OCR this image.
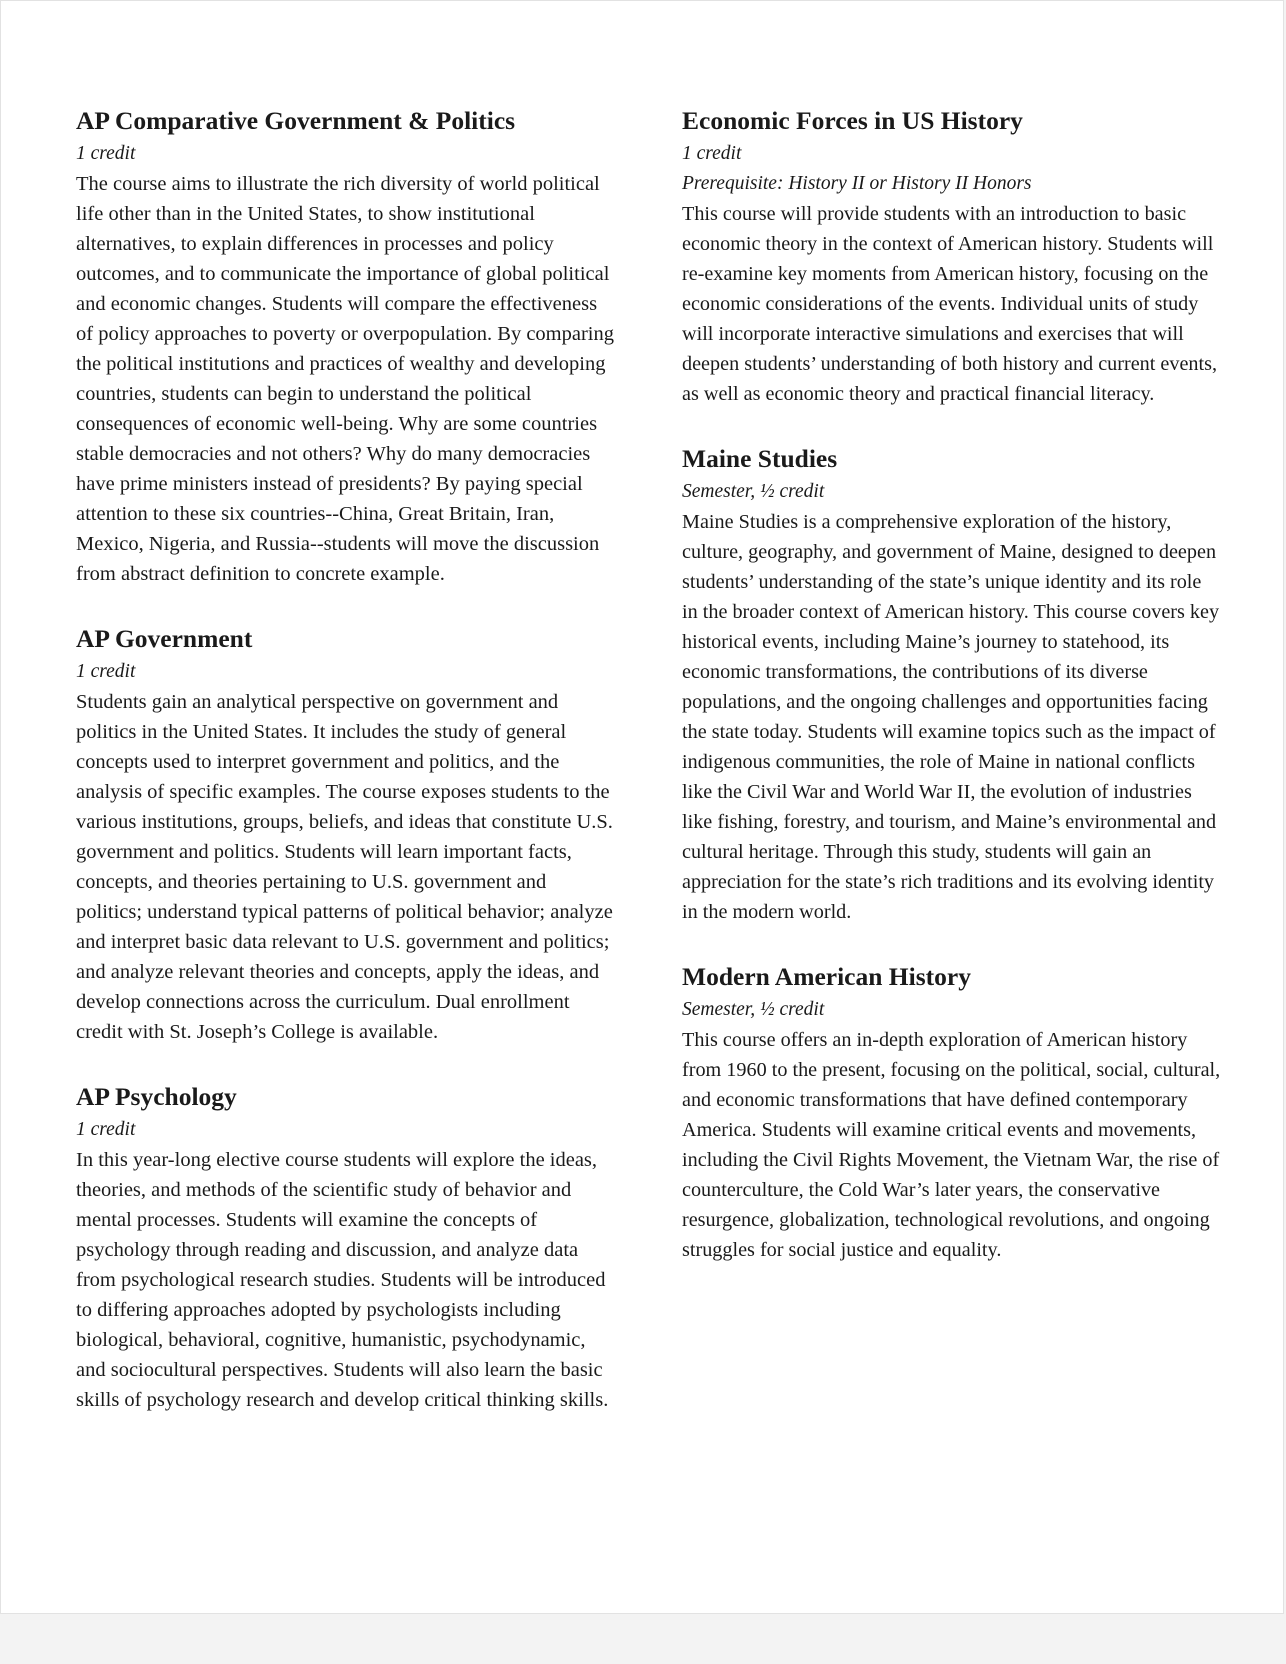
AP Comparative Government & Politics

1 credit

The course aims to illustrate the rich diversity of world political life other than in the United States, to show institutional alternatives, to explain differences in processes and policy outcomes, and to communicate the importance of global political and economic changes. Students will compare the effectiveness of policy approaches to poverty or overpopulation. By comparing the political institutions and practices of wealthy and developing countries, students can begin to understand the political consequences of economic well-being. Why are some countries stable democracies and not others? Why do many democracies have prime ministers instead of presidents? By paying special attention to these six countries--China, Great Britain, Iran, Mexico, Nigeria, and Russia--students will move the discussion from abstract definition to concrete example.

AP Government

1 credit

Students gain an analytical perspective on government and politics in the United States. It includes the study of general concepts used to interpret government and politics, and the analysis of specific examples. The course exposes students to the various institutions, groups, beliefs, and ideas that constitute U.S. government and politics. Students will learn important facts, concepts, and theories pertaining to U.S. government and politics; understand typical patterns of political behavior; analyze and interpret basic data relevant to U.S. government and politics; and analyze relevant theories and concepts, apply the ideas, and develop connections across the curriculum. Dual enrollment credit with St. Joseph’s College is available.

AP Psychology

1 credit

In this year-long elective course students will explore the ideas, theories, and methods of the scientific study of behavior and mental processes. Students will examine the concepts of psychology through reading and discussion, and analyze data from psychological research studies. Students will be introduced to differing approaches adopted by psychologists including biological, behavioral, cognitive, humanistic, psychodynamic, and sociocultural perspectives. Students will also learn the basic skills of psychology research and develop critical thinking skills.

Economic Forces in US History

1 credit

Prerequisite: History II or History II Honors

This course will provide students with an introduction to basic economic theory in the context of American history. Students will re-examine key moments from American history, focusing on the economic considerations of the events. Individual units of study will incorporate interactive simulations and exercises that will deepen students’ understanding of both history and current events, as well as economic theory and practical financial literacy.

Maine Studies

Semester, ½ credit

Maine Studies is a comprehensive exploration of the history, culture, geography, and government of Maine, designed to deepen students’ understanding of the state’s unique identity and its role in the broader context of American history. This course covers key historical events, including Maine’s journey to statehood, its economic transformations, the contributions of its diverse populations, and the ongoing challenges and opportunities facing the state today. Students will examine topics such as the impact of indigenous communities, the role of Maine in national conflicts like the Civil War and World War II, the evolution of industries like fishing, forestry, and tourism, and Maine’s environmental and cultural heritage. Through this study, students will gain an appreciation for the state’s rich traditions and its evolving identity in the modern world.

Modern American History

Semester, ½ credit

This course offers an in-depth exploration of American history from 1960 to the present, focusing on the political, social, cultural, and economic transformations that have defined contemporary America. Students will examine critical events and movements, including the Civil Rights Movement, the Vietnam War, the rise of counterculture, the Cold War’s later years, the conservative resurgence, globalization, technological revolutions, and ongoing struggles for social justice and equality.
